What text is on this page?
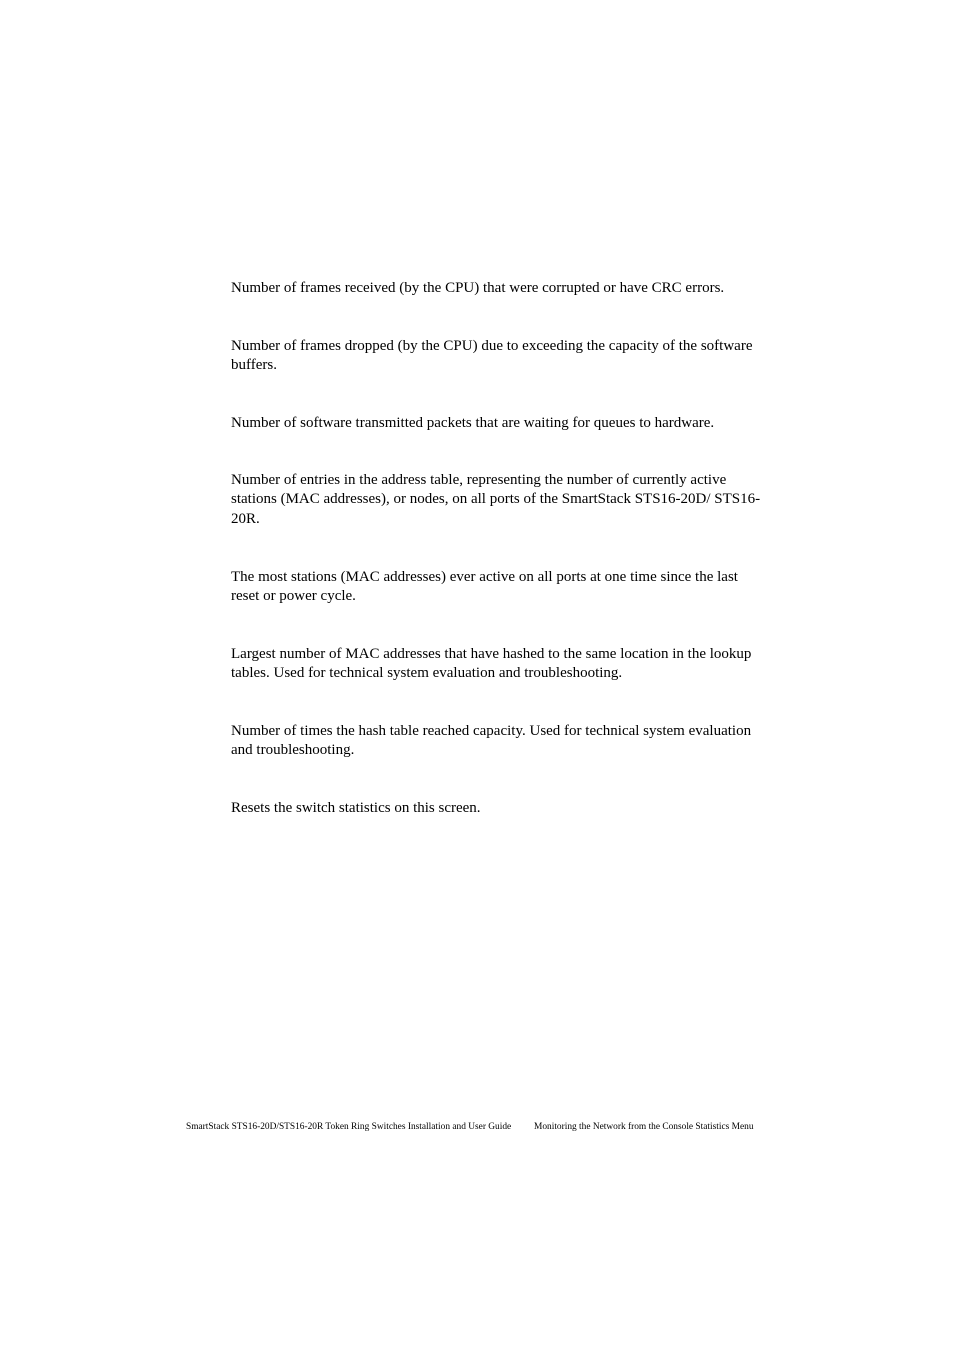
Number of frames received (by the CPU) that were corrupted or have CRC errors.

Number of frames dropped (by the CPU) due to exceeding the capacity of the software buffers.

Number of software transmitted packets that are waiting for queues to hardware.

Number of entries in the address table, representing the number of currently active stations (MAC addresses), or nodes, on all ports of the SmartStack STS16-20D/ STS16-20R.

The most stations (MAC addresses) ever active on all ports at one time since the last reset or power cycle.

Largest number of MAC addresses that have hashed to the same location in the lookup tables. Used for technical system evaluation and troubleshooting.

Number of times the hash table reached capacity. Used for technical system evaluation and troubleshooting.

Resets the switch statistics on this screen.

SmartStack STS16-20D/STS16-20R Token Ring Switches Installation and User Guide Monitoring the Network from the Console Statistics Menu
